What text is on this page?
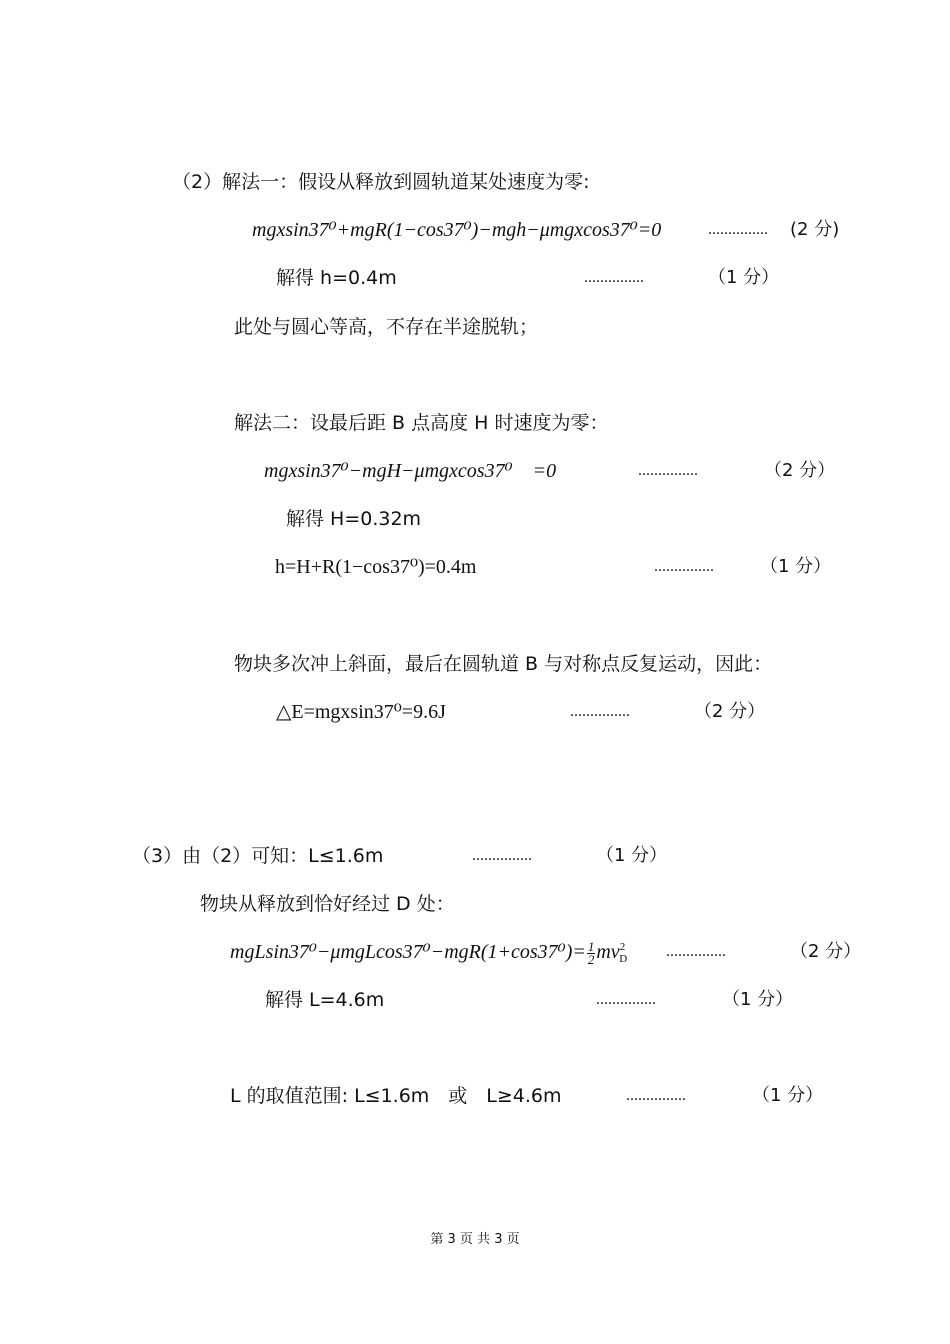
（2）解法一：假设从释放到圆轨道某处速度为零:
mgxsin37⁰+mgR(1−cos37⁰)−mgh−μmgxcos37⁰=0	............... (2 分)
解得 h=0.4m	...............	（1 分）
此处与圆心等高，不存在半途脱轨；
解法二：设最后距 B 点高度 H 时速度为零：
mgxsin37⁰−mgH−μmgxcos37⁰　=0	...............	（2 分）
解得 H=0.32m
h=H+R(1−cos37⁰)=0.4m	...............	（1 分）
物块多次冲上斜面，最后在圆轨道 B 与对称点反复运动，因此：
△E=mgxsin37⁰=9.6J	...............	（2 分）
（3）由（2）可知：L≤1.6m	...............	（1 分）
物块从释放到恰好经过 D 处：
$mgLsin37^0-\mu mgLcos37^0-mgR(1+\cos 37^0)= \frac{1}{2} mv2D$	...............	（2 分）
解得 L=4.6m	...............	（1 分）
L 的取值范围: L≤1.6m　或　L≥4.6m	...............	（1 分）
第 3 页 共 3 页
